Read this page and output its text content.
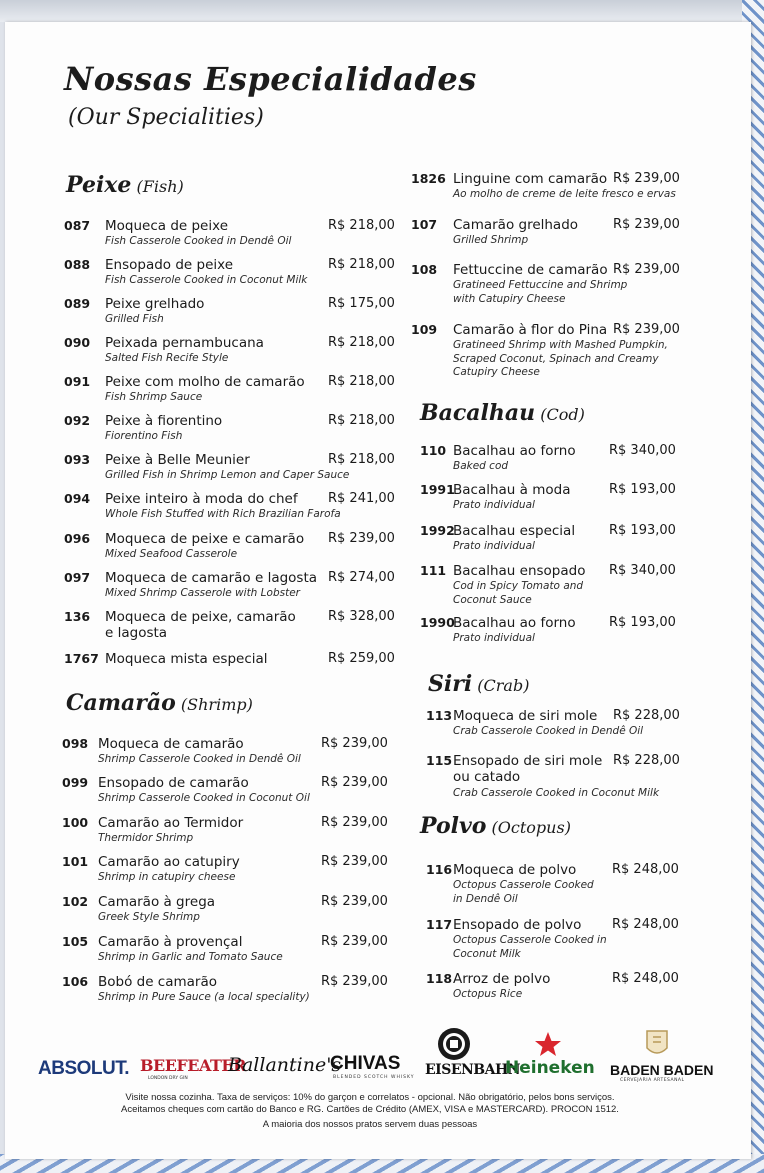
Nossas Especialidades
(Our Specialities)
Peixe (Fish)
Camarão (Shrimp)
Bacalhau (Cod)
Siri (Crab)
Polvo (Octopus)
087 Moqueca de peixe	R$ 218,00
Fish Casserole Cooked in Dendê Oil
088 Ensopado de peixe	R$ 218,00
Fish Casserole Cooked in Coconut Milk
089 Peixe grelhado	R$ 175,00
Grilled Fish
090 Peixada pernambucana	R$ 218,00
Salted Fish Recife Style
091 Peixe com molho de camarão R$ 218,00
Fish Shrimp Sauce
092 Peixe à fiorentino	R$ 218,00
Fiorentino Fish
093 Peixe à Belle Meunier	R$ 218,00
Grilled Fish in Shrimp Lemon and Caper Sauce
094 Peixe inteiro à moda do chef R$ 241,00
Whole Fish Stuffed with Rich Brazilian Farofa
096 Moqueca de peixe e camarão R$ 239,00
Mixed Seafood Casserole
097 Moqueca de camarão e lagosta R$ 274,00
Mixed Shrimp Casserole with Lobster
136 Moqueca de peixe, camarão R$ 328,00
e lagosta
1767 Moqueca mista especial	R$ 259,00
098 Moqueca de camarão	R$ 239,00
Shrimp Casserole Cooked in Dendê Oil
099 Ensopado de camarão	R$ 239,00
Shrimp Casserole Cooked in Coconut Oil
100 Camarão ao Termidor	R$ 239,00
Thermidor Shrimp
101 Camarão ao catupiry	R$ 239,00
Shrimp in catupiry cheese
102 Camarão à grega	R$ 239,00
Greek Style Shrimp
105 Camarão à provençal	R$ 239,00
Shrimp in Garlic and Tomato Sauce
106 Bobó de camarão	R$ 239,00
Shrimp in Pure Sauce (a local speciality)
1826 Linguine com camarão R$ 239,00
Ao molho de creme de leite fresco e ervas
107 Camarão grelhado	R$ 239,00
Grilled Shrimp
108 Fettuccine de camarão R$ 239,00
Gratineed Fettuccine and Shrimp
with Catupiry Cheese
109 Camarão à flor do Pina R$ 239,00
Gratineed Shrimp with Mashed Pumpkin,
Scraped Coconut, Spinach and Creamy
Catupiry Cheese
110 Bacalhau ao forno	R$ 340,00
Baked cod
1991
Bacalhau à moda	R$ 193,00
Prato individual
1992
Bacalhau especial	R$ 193,00
Prato individual
111 Bacalhau ensopado R$ 340,00
Cod in Spicy Tomato and
Coconut Sauce
1990
Bacalhau ao forno	R$ 193,00
Prato individual
113 Moqueca de siri mole R$ 228,00
Crab Casserole Cooked in Dendê Oil
115 Ensopado de siri mole R$ 228,00
ou catado
Crab Casserole Cooked in Coconut Milk
116 Moqueca de polvo	R$ 248,00
Octopus Casserole Cooked
in Dendê Oil
117 Ensopado de polvo R$ 248,00
Octopus Casserole Cooked in
Coconut Milk
118 Arroz de polvo	R$ 248,00
Octopus Rice
ABSOLUT. BEEFEATER
LONDON DRY GIN
Ballantine's
CHIVAS
BLENDED SCOTCH WHISKY EISENBAHN
Heineken BADEN BADEN
CERVEJARIA ARTESANAL
Visite nossa cozinha. Taxa de serviços: 10% do garçon e correlatos - opcional. Não obrigatório, pelos bons serviços.
Aceitamos cheques com cartão do Banco e RG. Cartões de Crédito (AMEX, VISA e MASTERCARD). PROCON 1512.
A maioria dos nossos pratos servem duas pessoas
